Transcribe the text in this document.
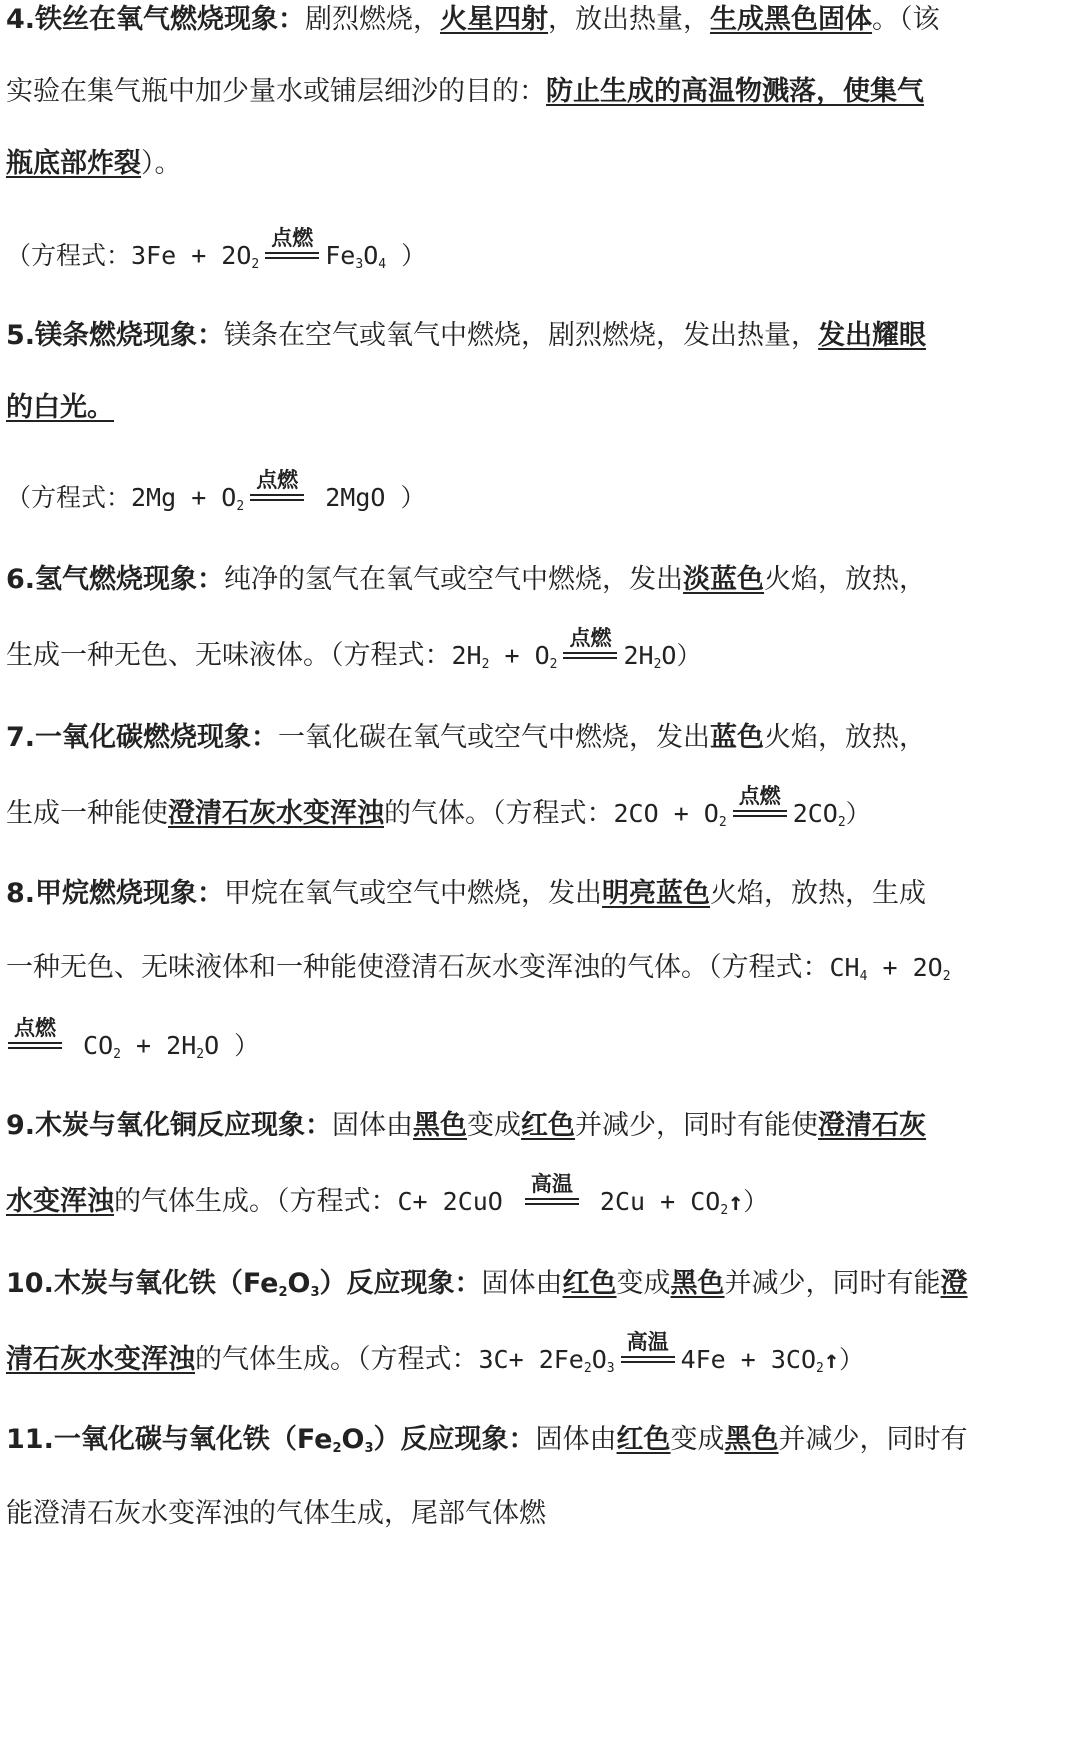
4.铁丝在氧气燃烧现象：剧烈燃烧，火星四射，放出热量，生成黑色固体。（该
实验在集气瓶中加少量水或铺层细沙的目的：防止生成的高温物溅落，使集气
瓶底部炸裂）。
（方程式：$3Fe + 2O_2$
点燃
$Fe_3O_4$ ）
5.镁条燃烧现象：镁条在空气或氧气中燃烧，剧烈燃烧，发出热量，发出耀眼
的白光。
（方程式：$2Mg + O_2$
点燃
2MgO ）
6.氢气燃烧现象：纯净的氢气在氧气或空气中燃烧，发出淡蓝色火焰，放热，
生成一种无色、无味液体。（方程式：$2H_2 + O_2$
点燃
$2H_2O$）
7.一氧化碳燃烧现象：一氧化碳在氧气或空气中燃烧，发出蓝色火焰，放热，
生成一种能使澄清石灰水变浑浊的气体。（方程式：$2CO + O_2$
点燃
$2CO_2$）
8.甲烷燃烧现象：甲烷在氧气或空气中燃烧，发出明亮蓝色火焰，放热，生成
一种无色、无味液体和一种能使澄清石灰水变浑浊的气体。（方程式：$CH_4 + 2O_2$
点燃
$CO_2 + 2H_2O$ ）
9.木炭与氧化铜反应现象：固体由黑色变成红色并减少，同时有能使澄清石灰
水变浑浊的气体生成。（方程式：C+ 2CuO
高温
$2Cu + CO_2↑$）
10.木炭与氧化铁$(Fe_2O_3)$反应现象：固体由红色变成黑色并减少，同时有能澄
清石灰水变浑浊的气体生成。（方程式：$3C+ 2Fe_2O_3$
高温
$4Fe + 3CO_2↑$）
11.一氧化碳与氧化铁$(Fe_2O_3)$反应现象：固体由红色变成黑色并减少，同时有
能澄清石灰水变浑浊的气体生成，尾部气体燃
